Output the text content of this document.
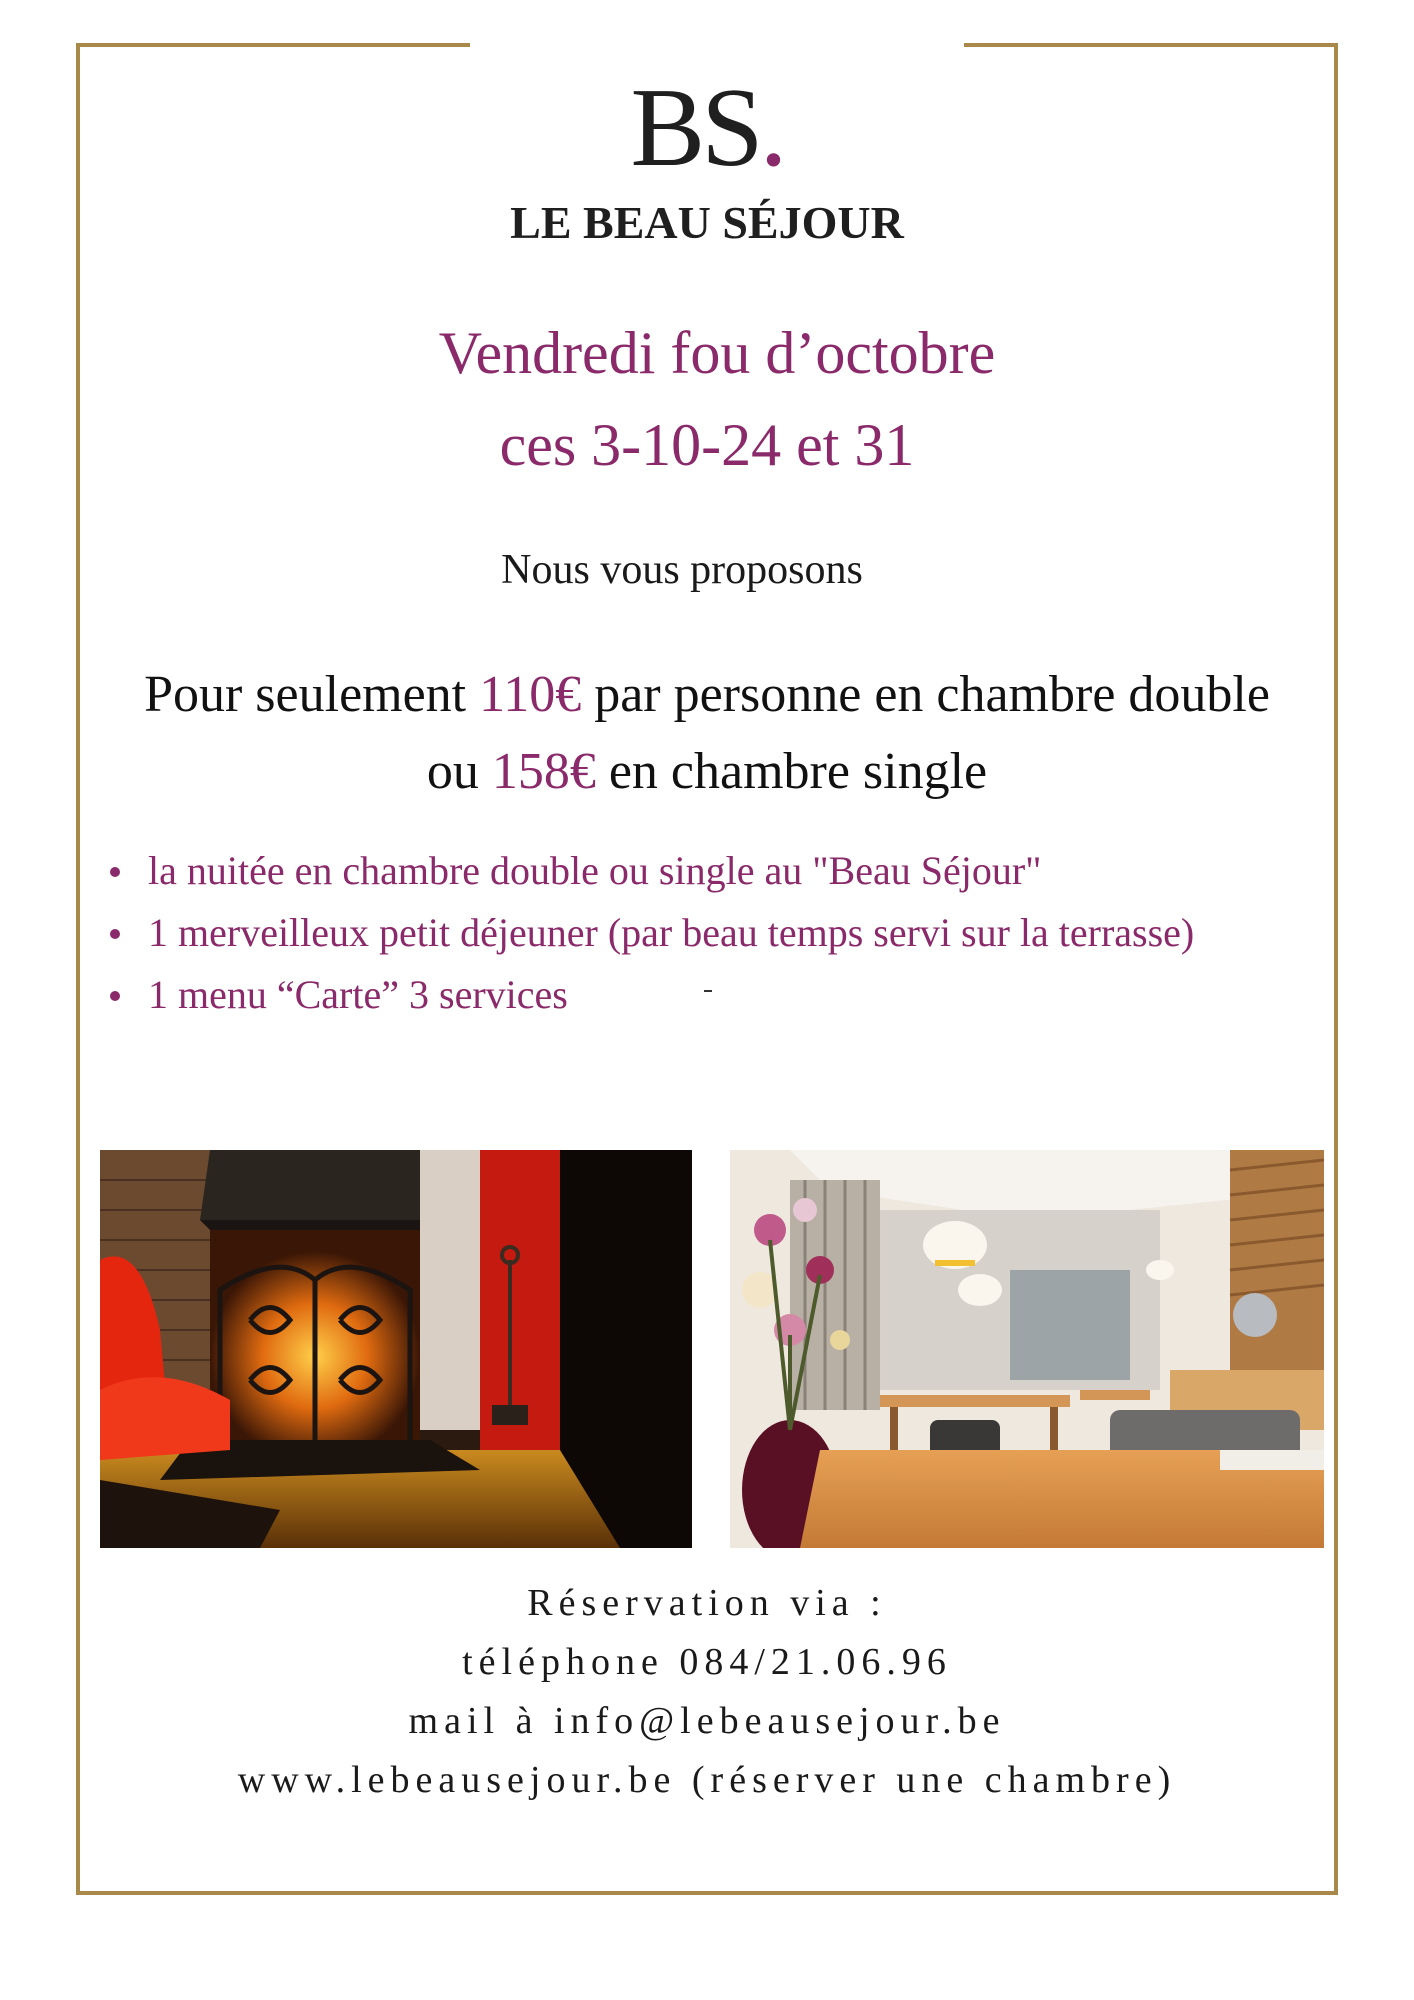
BS.
LE BEAU SÉJOUR
Vendredi fou d’octobre
ces 3-10-24 et 31
Nous vous proposons
Pour seulement 110€ par personne en chambre double
ou 158€ en chambre single
la nuitée en chambre double ou single au "Beau Séjour"
1 merveilleux petit déjeuner (par beau temps servi sur la terrasse)
1 menu “Carte” 3 services
Réservation via :
téléphone 084/21.06.96
mail à info@lebeausejour.be
www.lebeausejour.be (réserver une chambre)
